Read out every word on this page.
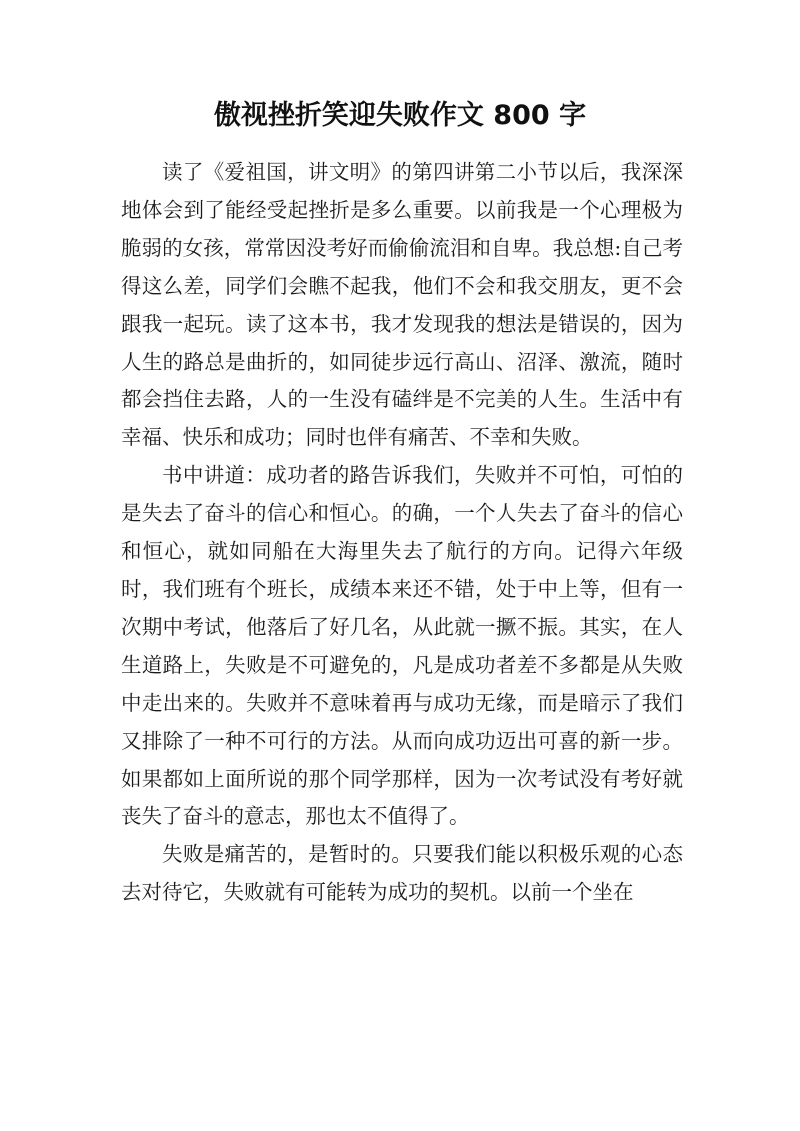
傲视挫折笑迎失败作文 800 字

读了《爱祖国，讲文明》的第四讲第二小节以后，我深深地体会到了能经受起挫折是多么重要。以前我是一个心理极为脆弱的女孩，常常因没考好而偷偷流泪和自卑。我总想:自己考得这么差，同学们会瞧不起我，他们不会和我交朋友，更不会跟我一起玩。读了这本书，我才发现我的想法是错误的，因为人生的路总是曲折的，如同徒步远行高山、沼泽、激流，随时都会挡住去路，人的一生没有磕绊是不完美的人生。生活中有幸福、快乐和成功；同时也伴有痛苦、不幸和失败。

书中讲道：成功者的路告诉我们，失败并不可怕，可怕的是失去了奋斗的信心和恒心。的确，一个人失去了奋斗的信心和恒心，就如同船在大海里失去了航行的方向。记得六年级时，我们班有个班长，成绩本来还不错，处于中上等，但有一次期中考试，他落后了好几名，从此就一撅不振。其实，在人生道路上，失败是不可避免的，凡是成功者差不多都是从失败中走出来的。失败并不意味着再与成功无缘，而是暗示了我们又排除了一种不可行的方法。从而向成功迈出可喜的新一步。如果都如上面所说的那个同学那样，因为一次考试没有考好就丧失了奋斗的意志，那也太不值得了。

失败是痛苦的，是暂时的。只要我们能以积极乐观的心态去对待它，失败就有可能转为成功的契机。以前一个坐在
